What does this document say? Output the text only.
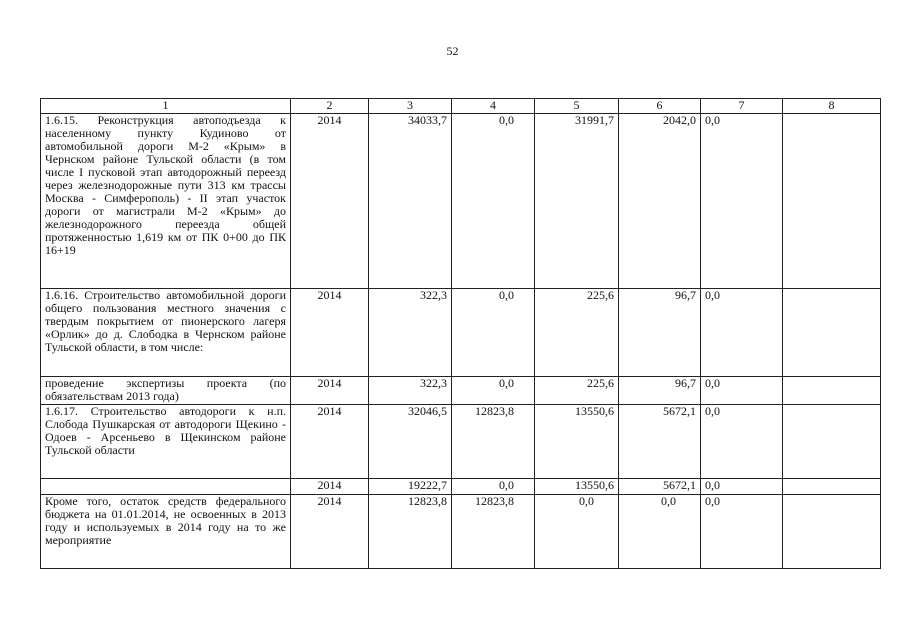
52
1	2	3	4	5	6	7	8
1.6.15. Реконструкция автоподъезда к населенному пункту Кудиново от автомобильной дороги М-2 «Крым» в Чернском районе Тульской области (в том числе I пусковой этап автодорожный переезд через железнодорожные пути 313 км трассы Москва - Симферополь) - II этап участок дороги от магистрали М-2 «Крым» до железнодорожного переезда общей протяженностью 1,619 км от ПК 0+00 до ПК 16+19	2014	34033,7	0,0	31991,7	2042,0	0,0	
1.6.16. Строительство автомобильной дороги общего пользования местного значения с твердым покрытием от пионерского лагеря «Орлик» до д. Слободка в Чернском районе Тульской области, в том числе:	2014	322,3	0,0	225,6	96,7	0,0	
проведение экспертизы проекта (по обязательствам 2013 года)	2014	322,3	0,0	225,6	96,7	0,0	
1.6.17. Строительство автодороги к н.п. Слобода Пушкарская от автодороги Щекино - Одоев - Арсеньево в Щекинском районе Тульской области	2014	32046,5	12823,8	13550,6	5672,1	0,0	
	2014	19222,7	0,0	13550,6	5672,1	0,0	
Кроме того, остаток средств федерального бюджета на 01.01.2014, не освоенных в 2013 году и используемых в 2014 году на то же мероприятие	2014	12823,8	12823,8	0,0	0,0	0,0	
